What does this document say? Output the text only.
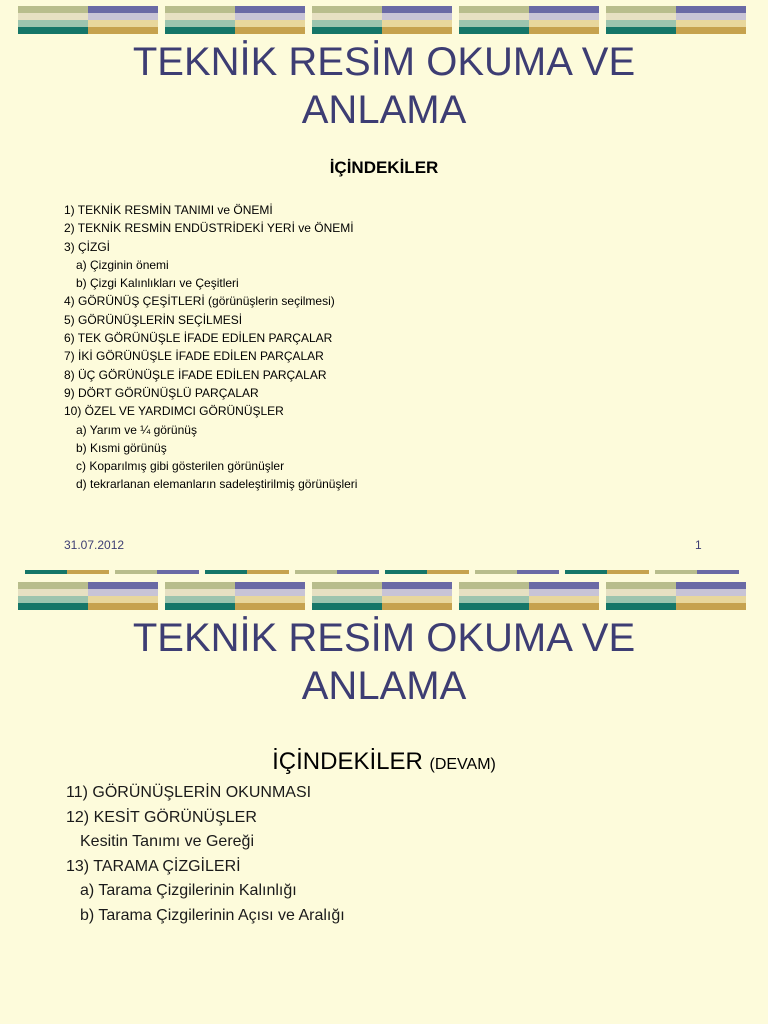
TEKNİK RESİM OKUMA VE
ANLAMA
İÇİNDEKİLER
1) TEKNİK RESMİN TANIMI ve ÖNEMİ
2) TEKNİK RESMİN ENDÜSTRİDEKİ YERİ ve ÖNEMİ
3) ÇİZGİ
a) Çizginin önemi
b) Çizgi Kalınlıkları ve Çeşitleri
4) GÖRÜNÜŞ ÇEŞİTLERİ (görünüşlerin seçilmesi)
5) GÖRÜNÜŞLERİN SEÇİLMESİ
6) TEK GÖRÜNÜŞLE İFADE EDİLEN PARÇALAR
7) İKİ GÖRÜNÜŞLE İFADE EDİLEN PARÇALAR
8) ÜÇ GÖRÜNÜŞLE İFADE EDİLEN PARÇALAR
9) DÖRT GÖRÜNÜŞLÜ PARÇALAR
10) ÖZEL VE YARDIMCI GÖRÜNÜŞLER
a) Yarım ve ¼ görünüş
b) Kısmi görünüş
c) Koparılmış gibi gösterilen görünüşler
d) tekrarlanan elemanların sadeleştirilmiş görünüşleri
31.07.2012	1
TEKNİK RESİM OKUMA VE
ANLAMA
İÇİNDEKİLER (DEVAM)
11) GÖRÜNÜŞLERİN OKUNMASI
12) KESİT GÖRÜNÜŞLER
Kesitin Tanımı ve Gereği
13) TARAMA ÇİZGİLERİ
a) Tarama Çizgilerinin Kalınlığı
b) Tarama Çizgilerinin Açısı ve Aralığı
